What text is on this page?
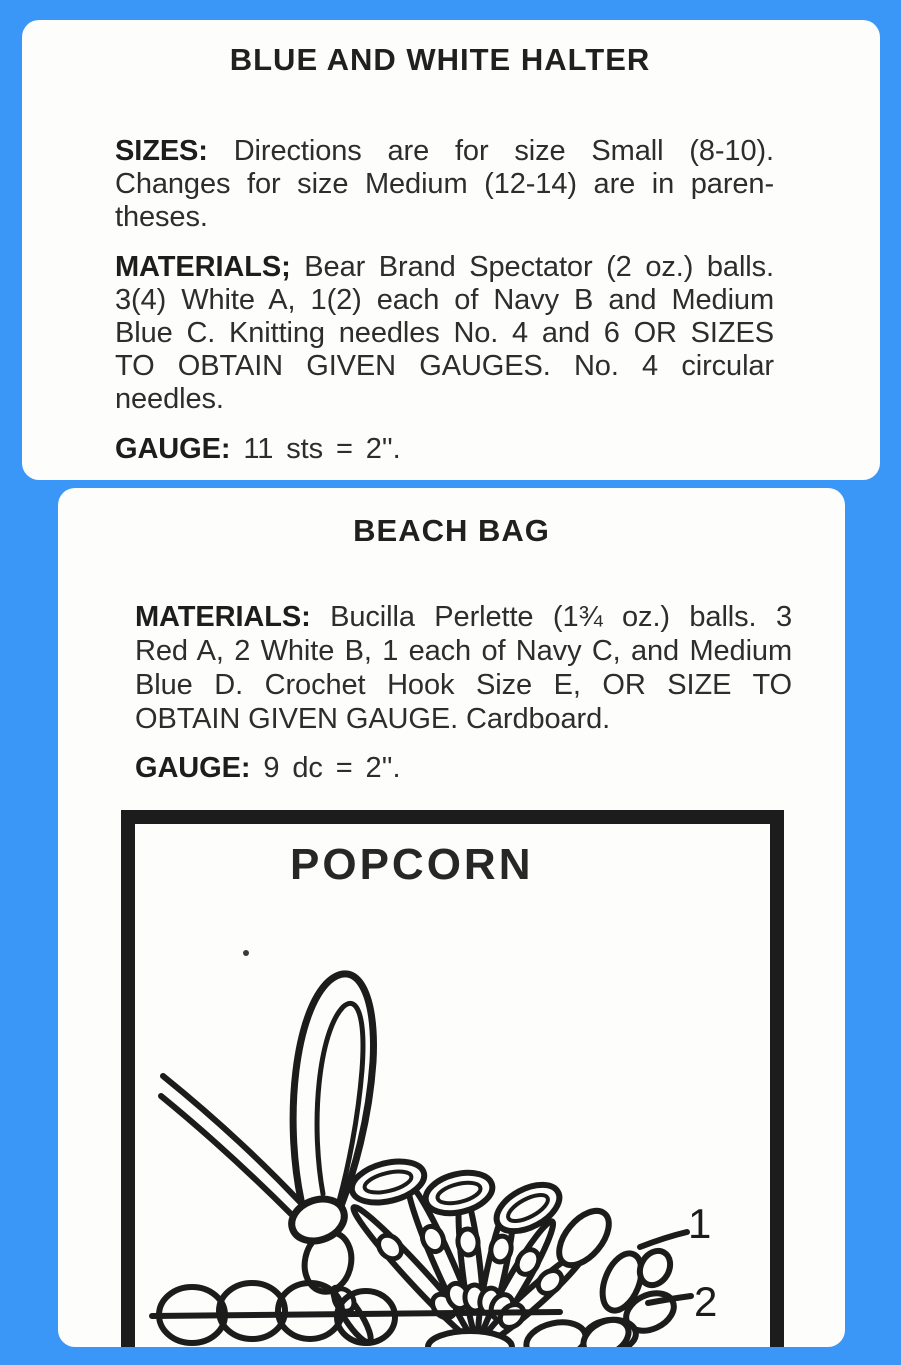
BLUE AND WHITE HALTER
SIZES: Directions are for size Small (8-10).
Changes for size Medium (12-14) are in paren-
theses.
MATERIALS; Bear Brand Spectator (2 oz.) balls.
3(4) White A, 1(2) each of Navy B and Medium
Blue C. Knitting needles No. 4 and 6 OR SIZES
TO OBTAIN GIVEN GAUGES. No. 4 circular
needles.
GAUGE: 11 sts = 2''.
BEACH BAG
MATERIALS: Bucilla Perlette (1¾ oz.) balls. 3
Red A, 2 White B, 1 each of Navy C, and Medium
Blue D. Crochet Hook Size E, OR SIZE TO
OBTAIN GIVEN GAUGE. Cardboard.
GAUGE: 9 dc = 2''.
POPCORN
1
2
